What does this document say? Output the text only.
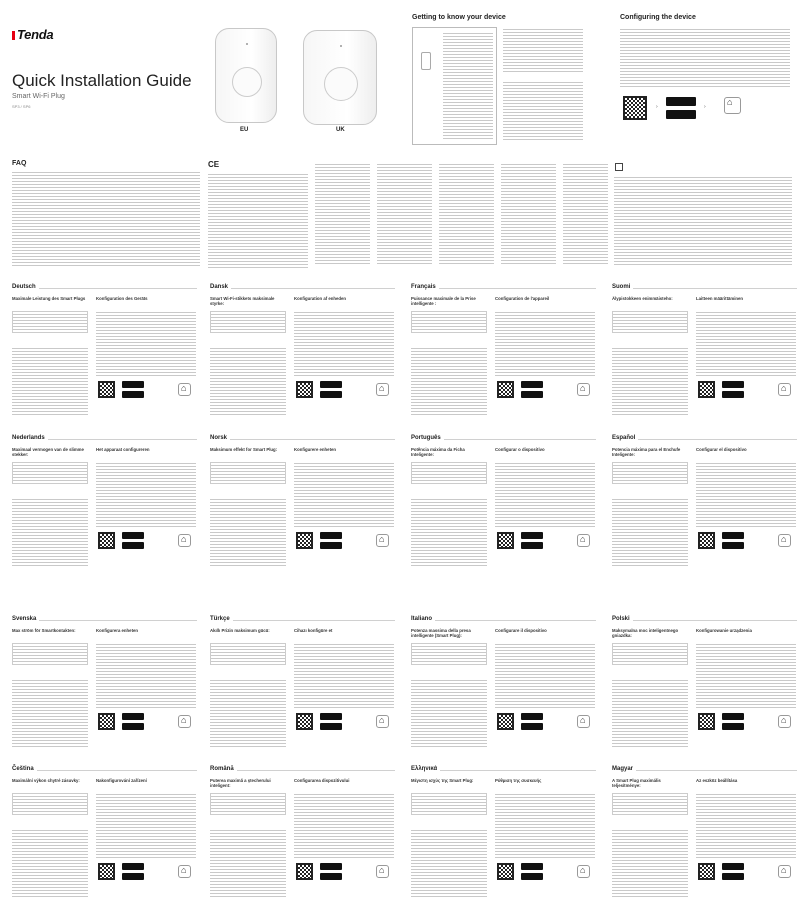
Tenda
Quick Installation Guide
Smart Wi-Fi Plug
SP3 / SP6
EU	UK
Getting to know your device	Configuring the device
›	›
⌂
FAQ	CE
Deutsch
Maximale Leistung des Smart Plugs	Konfiguration des Geräts
⌂
Dansk
Smart Wi-Fi-stikkets maksimale styrke:
Konfiguration af enheden
⌂
Français
Puissance maximale de la Prise intelligente :
Configuration de l'appareil
⌂
Suomi
Älypistokkeen enimmäisteho:	Laitteen määrittäminen
⌂
Nederlands
Maximaal vermogen van de slimme stekker:
Het apparaat configureren
⌂
Norsk
Maksimum effekt for Smart Plug:	Konfigurere enheten
⌂
Português
Potência máxima da Ficha Inteligente:
Configurar o dispositivo
⌂
Español
Potencia máxima para el Enchufe Inteligente:
Configurar el dispositivo
⌂
Svenska
Max ström för Smartkontakten:	Konfigurera enheten
⌂
Türkçe
Akıllı Prizin maksimum gücü:	Cihazı konfigüre et
⌂
Italiano
Potenza massima della presa intelligente (Smart Plug):
Configurare il dispositivo
⌂
Polski
Maksymalna moc inteligentnego gniazdka:
Konfigurowanie urządzenia
⌂
Čeština
Maximální výkon chytré zásuvky:	Nakonfigurování zařízení
⌂
Română
Puterea maximă a ștecherului inteligent:
Configurarea dispozitivului
⌂
Ελληνικά
Μέγιστη ισχύς της Smart Plug:	Ρύθμιση της συσκευής
⌂
Magyar
A Smart Plug maximális teljesítménye:
Az eszköz beállítása
⌂
